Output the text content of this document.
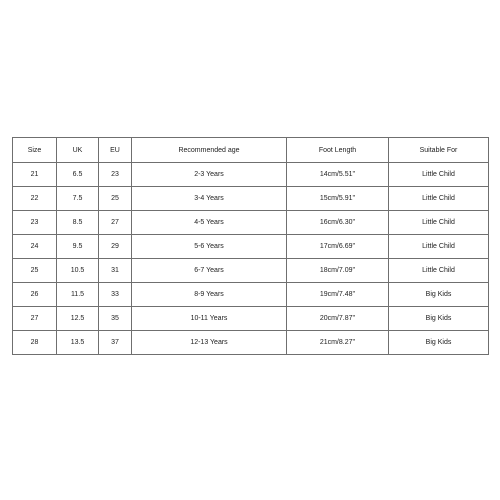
Size	UK	EU	Recommended age	Foot Length	Suitable For
21	6.5	23	2-3 Years	14cm/5.51''	Little Child
22	7.5	25	3-4 Years	15cm/5.91''	Little Child
23	8.5	27	4-5 Years	16cm/6.30''	Little Child
24	9.5	29	5-6 Years	17cm/6.69''	Little Child
25	10.5	31	6-7 Years	18cm/7.09''	Little Child
26	11.5	33	8-9 Years	19cm/7.48''	Big Kids
27	12.5	35	10-11 Years	20cm/7.87''	Big Kids
28	13.5	37	12-13 Years	21cm/8.27''	Big Kids
